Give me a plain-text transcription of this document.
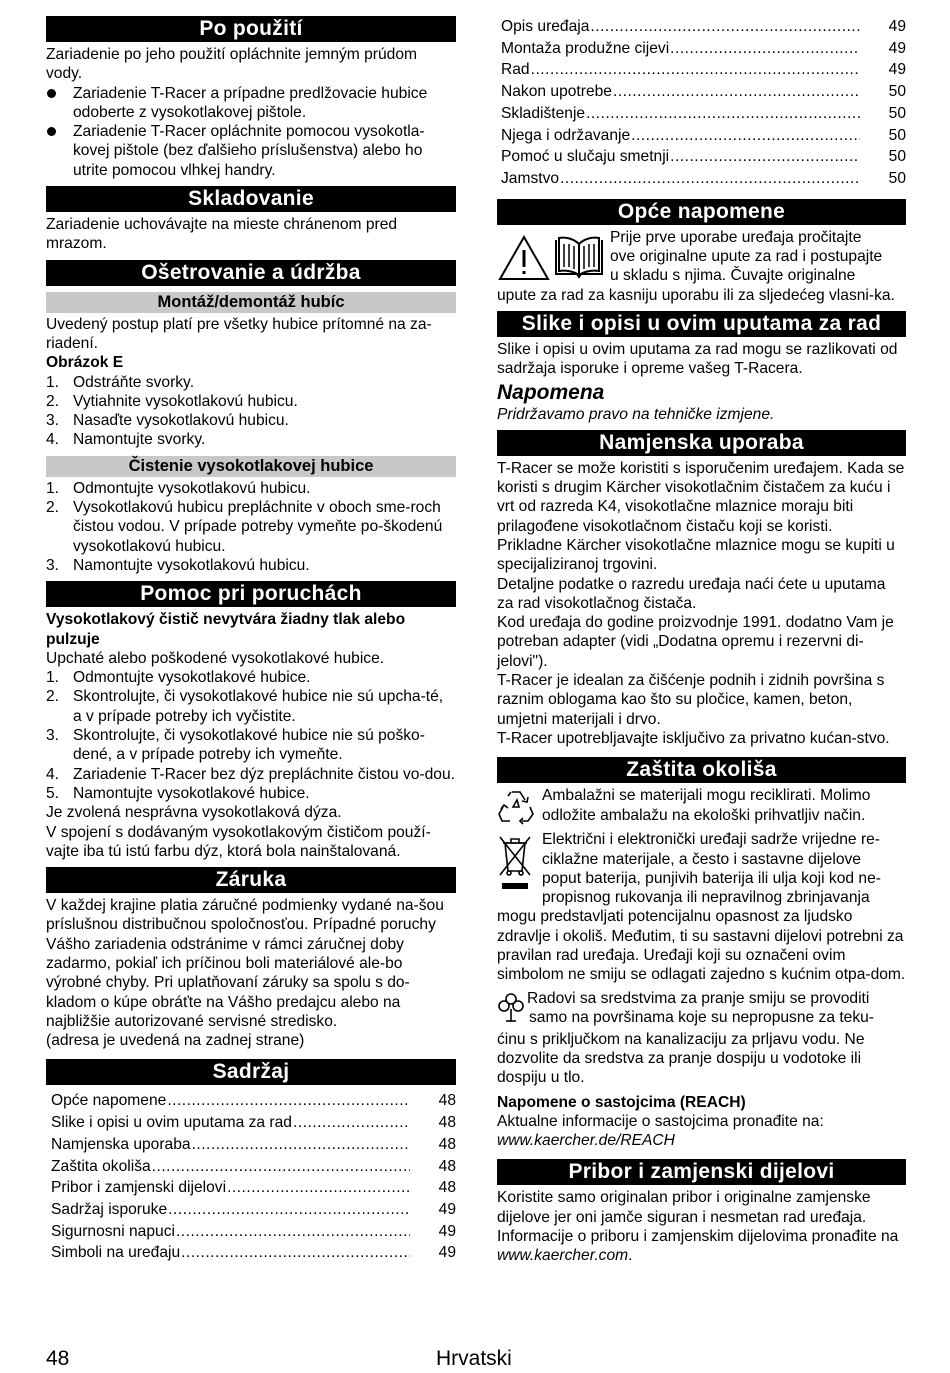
Po použití

Zariadenie po jeho použití opláchnite jemným prúdom vody.

Zariadenie T-Racer a prípadne predlžovacie hubice odoberte z vysokotlakovej pištole.
Zariadenie T-Racer opláchnite pomocou vysokotla-kovej pištole (bez ďalšieho príslušenstva) alebo ho utrite pomocou vlhkej handry.
Skladovanie

Zariadenie uchovávajte na mieste chránenom pred mrazom.

Ošetrovanie a údržba
Montáž/demontáž hubíc

Uvedený postup platí pre všetky hubice prítomné na za-riadení.

Obrázok E

1. Odstráňte svorky.
2. Vytiahnite vysokotlakovú hubicu.
3. Nasaďte vysokotlakovú hubicu.
4. Namontujte svorky.
Čistenie vysokotlakovej hubice
1. Odmontujte vysokotlakovú hubicu.
2. Vysokotlakovú hubicu prepláchnite v oboch sme-roch čistou vodou. V prípade potreby vymeňte po-škodenú vysokotlakovú hubicu.
3. Namontujte vysokotlakovú hubicu.
Pomoc pri poruchách

Vysokotlakový čistič nevytvára žiadny tlak alebo pulzuje

Upchaté alebo poškodené vysokotlakové hubice.

1. Odmontujte vysokotlakové hubice.
2. Skontrolujte, či vysokotlakové hubice nie sú upcha-té, a v prípade potreby ich vyčistite.
3. Skontrolujte, či vysokotlakové hubice nie sú poško-dené, a v prípade potreby ich vymeňte.
4. Zariadenie T-Racer bez dýz prepláchnite čistou vo-dou.
5. Namontujte vysokotlakové hubice.

Je zvolená nesprávna vysokotlaková dýza.

V spojení s dodávaným vysokotlakovým čističom použí-vajte iba tú istú farbu dýz, ktorá bola nainštalovaná.

Záruka

V každej krajine platia záručné podmienky vydané na-šou príslušnou distribučnou spoločnosťou. Prípadné poruchy Vášho zariadenia odstránime v rámci záručnej doby zadarmo, pokiaľ ich príčinou boli materiálové ale-bo výrobné chyby. Pri uplatňovaní záruky sa spolu s do-kladom o kúpe obráťte na Vášho predajcu alebo na najbližšie autorizované servisné stredisko.

(adresa je uvedená na zadnej strane)

Sadržaj
Opće napomene .....	48
Slike i opisi u ovim uputama za rad .....	48
Namjenska uporaba .....	48
Zaštita okoliša .....	48
Pribor i zamjenski dijelovi .....	48
Sadržaj isporuke .....	49
Sigurnosni napuci .....	49
Simboli na uređaju .....	49
Opis uređaja .....	49
Montaža produžne cijevi .....	49
Rad .....	49
Nakon upotrebe .....	50
Skladištenje .....	50
Njega i održavanje .....	50
Pomoć u slučaju smetnji .....	50
Jamstvo .....	50
Opće napomene
Prije prve uporabe uređaja pročitajte
ove originalne upute za rad i postupajte
u skladu s njima. Čuvajte originalne

upute za rad za kasniju uporabu ili za sljedećeg vlasni-ka.

Slike i opisi u ovim uputama za rad

Slike i opisi u ovim uputama za rad mogu se razlikovati od sadržaja isporuke i opreme vašeg T-Racera.

Napomena

Pridržavamo pravo na tehničke izmjene.

Namjenska uporaba

T-Racer se može koristiti s isporučenim uređajem. Kada se koristi s drugim Kärcher visokotlačnim čistačem za kuću i vrt od razreda K4, visokotlačne mlaznice moraju biti prilagođene visokotlačnom čistaču koji se koristi.

Prikladne Kärcher visokotlačne mlaznice mogu se kupiti u specijaliziranoj trgovini.

Detaljne podatke o razredu uređaja naći ćete u uputama za rad visokotlačnog čistača.

Kod uređaja do godine proizvodnje 1991. dodatno Vam je potreban adapter (vidi „Dodatna opremu i rezervni di-jelovi").

T-Racer je idealan za čišćenje podnih i zidnih površina s raznim oblogama kao što su pločice, kamen, beton, umjetni materijali i drvo.

T-Racer upotrebljavajte isključivo za privatno kućan-stvo.

Zaštita okoliša
Ambalažni se materijali mogu reciklirati. Molimo
odložite ambalažu na ekološki prihvatljiv način.
Električni i elektronički uređaji sadrže vrijedne re-
ciklažne materijale, a često i sastavne dijelove
poput baterija, punjivih baterija ili ulja koji kod ne-
propisnog rukovanja ili nepravilnog zbrinjavanja

mogu predstavljati potencijalnu opasnost za ljudsko zdravlje i okoliš. Međutim, ti su sastavni dijelovi potrebni za pravilan rad uređaja. Uređaji koji su označeni ovim simbolom ne smiju se odlagati zajedno s kućnim otpa-dom.

Radovi sa sredstvima za pranje smiju se provoditi
samo na površinama koje su nepropusne za teku-

ćinu s priključkom na kanalizaciju za prljavu vodu. Ne dozvolite da sredstva za pranje dospiju u vodotoke ili dospiju u tlo.

Napomene o sastojcima (REACH)

Aktualne informacije o sastojcima pronađite na:

www.kaercher.de/REACH

Pribor i zamjenski dijelovi

Koristite samo originalan pribor i originalne zamjenske dijelove jer oni jamče siguran i nesmetan rad uređaja. Informacije o priboru i zamjenskim dijelovima pronađite na www.kaercher.com.

48	Hrvatski
